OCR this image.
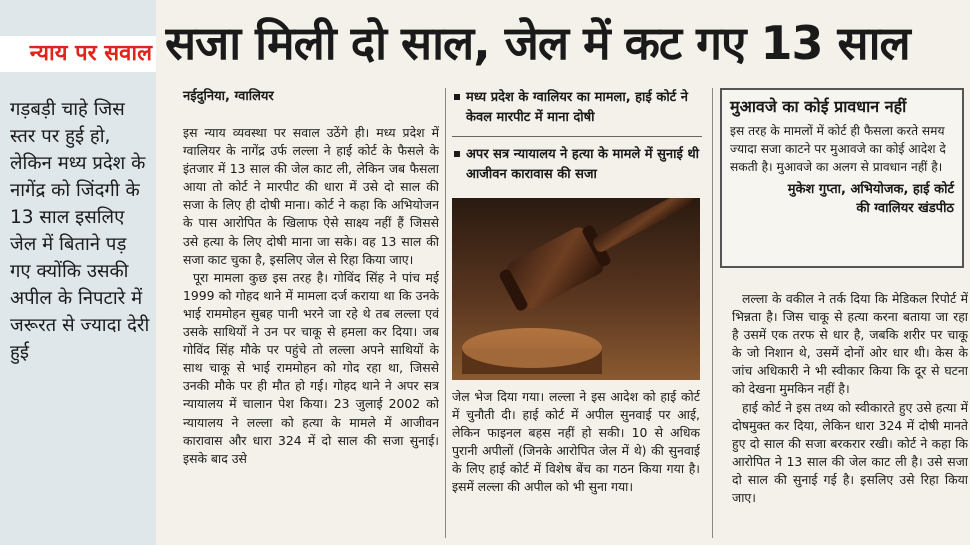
न्याय पर सवाल
गड़बड़ी चाहे जिस स्तर पर हुई हो, लेकिन मध्य प्रदेश के नागेंद्र को जिंदगी के 13 साल इसलिए जेल में बिताने पड़ गए क्योंकि उसकी अपील के निपटारे में जरूरत से ज्यादा देरी हुई
सजा मिली दो साल, जेल में कट गए 13 साल
नईदुनिया, ग्वालियर

इस न्याय व्यवस्था पर सवाल उठेंगे ही। मध्य प्रदेश में ग्वालियर के नागेंद्र उर्फ लल्ला ने हाई कोर्ट के फैसले के इंतजार में 13 साल की जेल काट ली, लेकिन जब फैसला आया तो कोर्ट ने मारपीट की धारा में उसे दो साल की सजा के लिए ही दोषी माना। कोर्ट ने कहा कि अभियोजन के पास आरोपित के खिलाफ ऐसे साक्ष्य नहीं हैं जिससे उसे हत्या के लिए दोषी माना जा सके। वह 13 साल की सजा काट चुका है, इसलिए जेल से रिहा किया जाए।

पूरा मामला कुछ इस तरह है। गोविंद सिंह ने पांच मई 1999 को गोहद थाने में मामला दर्ज कराया था कि उनके भाई राममोहन सुबह पानी भरने जा रहे थे तब लल्ला एवं उसके साथियों ने उन पर चाकू से हमला कर दिया। जब गोविंद सिंह मौके पर पहुंचे तो लल्ला अपने साथियों के साथ चाकू से भाई राममोहन को गोद रहा था, जिससे उनकी मौके पर ही मौत हो गई। गोहद थाने ने अपर सत्र न्यायालय में चालान पेश किया। 23 जुलाई 2002 को न्यायालय ने लल्ला को हत्या के मामले में आजीवन कारावास और धारा 324 में दो साल की सजा सुनाई। इसके बाद उसे

मध्य प्रदेश के ग्वालियर का मामला, हाई कोर्ट ने केवल मारपीट में माना दोषी
अपर सत्र न्यायालय ने हत्या के मामले में सुनाई थी आजीवन कारावास की सजा

जेल भेज दिया गया। लल्ला ने इस आदेश को हाई कोर्ट में चुनौती दी। हाई कोर्ट में अपील सुनवाई पर आई, लेकिन फाइनल बहस नहीं हो सकी। 10 से अधिक पुरानी अपीलों (जिनके आरोपित जेल में थे) की सुनवाई के लिए हाई कोर्ट में विशेष बेंच का गठन किया गया है। इसमें लल्ला की अपील को भी सुना गया।

मुआवजे का कोई प्रावधान नहीं

इस तरह के मामलों में कोर्ट ही फैसला करते समय ज्यादा सजा काटने पर मुआवजे का कोई आदेश दे सकती है। मुआवजे का अलग से प्रावधान नहीं है।

मुकेश गुप्ता, अभियोजक, हाई कोर्ट
की ग्वालियर खंडपीठ

लल्ला के वकील ने तर्क दिया कि मेडिकल रिपोर्ट में भिन्नता है। जिस चाकू से हत्या करना बताया जा रहा है उसमें एक तरफ से धार है, जबकि शरीर पर चाकू के जो निशान थे, उसमें दोनों ओर धार थी। केस के जांच अधिकारी ने भी स्वीकार किया कि दूर से घटना को देखना मुमकिन नहीं है।

हाई कोर्ट ने इस तथ्य को स्वीकारते हुए उसे हत्या में दोषमुक्त कर दिया, लेकिन धारा 324 में दोषी मानते हुए दो साल की सजा बरकरार रखी। कोर्ट ने कहा कि आरोपित ने 13 साल की जेल काट ली है। उसे सजा दो साल की सुनाई गई है। इसलिए उसे रिहा किया जाए।
